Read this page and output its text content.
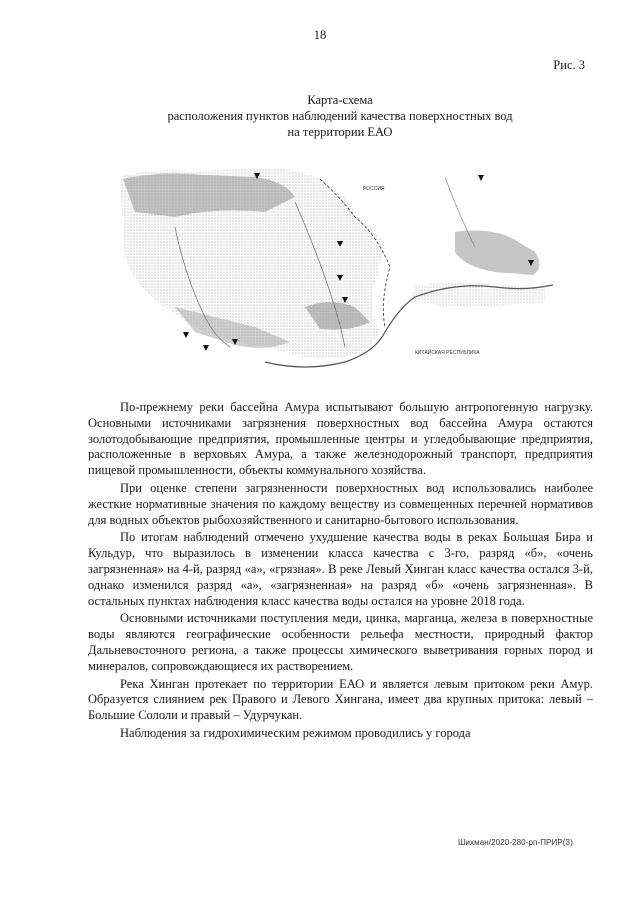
18
Рис. 3
Карта-схема
расположения пунктов наблюдений качества поверхностных вод
на территории ЕАО
РОССИЯ
КИТАЙСКАЯ РЕСПУБЛИКА

По-прежнему реки бассейна Амура испытывают большую антропогенную нагрузку. Основными источниками загрязнения поверхностных вод бассейна Амура остаются золотодобывающие предприятия, промышленные центры и угледобывающие предприятия, расположенные в верховьях Амура, а также железнодорожный транспорт, предприятия пищевой промышленности, объекты коммунального хозяйства.

При оценке степени загрязненности поверхностных вод использовались наиболее жесткие нормативные значения по каждому веществу из совмещенных перечней нормативов для водных объектов рыбохозяйственного и санитарно-бытового использования.

По итогам наблюдений отмечено ухудшение качества воды в реках Большая Бира и Кульдур, что выразилось в изменении класса качества с 3-го, разряд «б», «очень загрязненная» на 4-й, разряд «а», «грязная». В реке Левый Хинган класс качества остался 3-й, однако изменился разряд «а», «загрязненная» на разряд «б» «очень загрязненная». В остальных пунктах наблюдения класс качества воды остался на уровне 2018 года.

Основными источниками поступления меди, цинка, марганца, железа в поверхностные воды являются географические особенности рельефа местности, природный фактор Дальневосточного региона, а также процессы химического выветривания горных пород и минералов, сопровождающиеся их растворением.

Река Хинган протекает по территории ЕАО и является левым притоком реки Амур. Образуется слиянием рек Правого и Левого Хингана, имеет два крупных притока: левый – Большие Сололи и правый – Удурчукан.

Наблюдения за гидрохимическим режимом проводились у города

Шихман/2020-280-рп-ПРИР(3)
